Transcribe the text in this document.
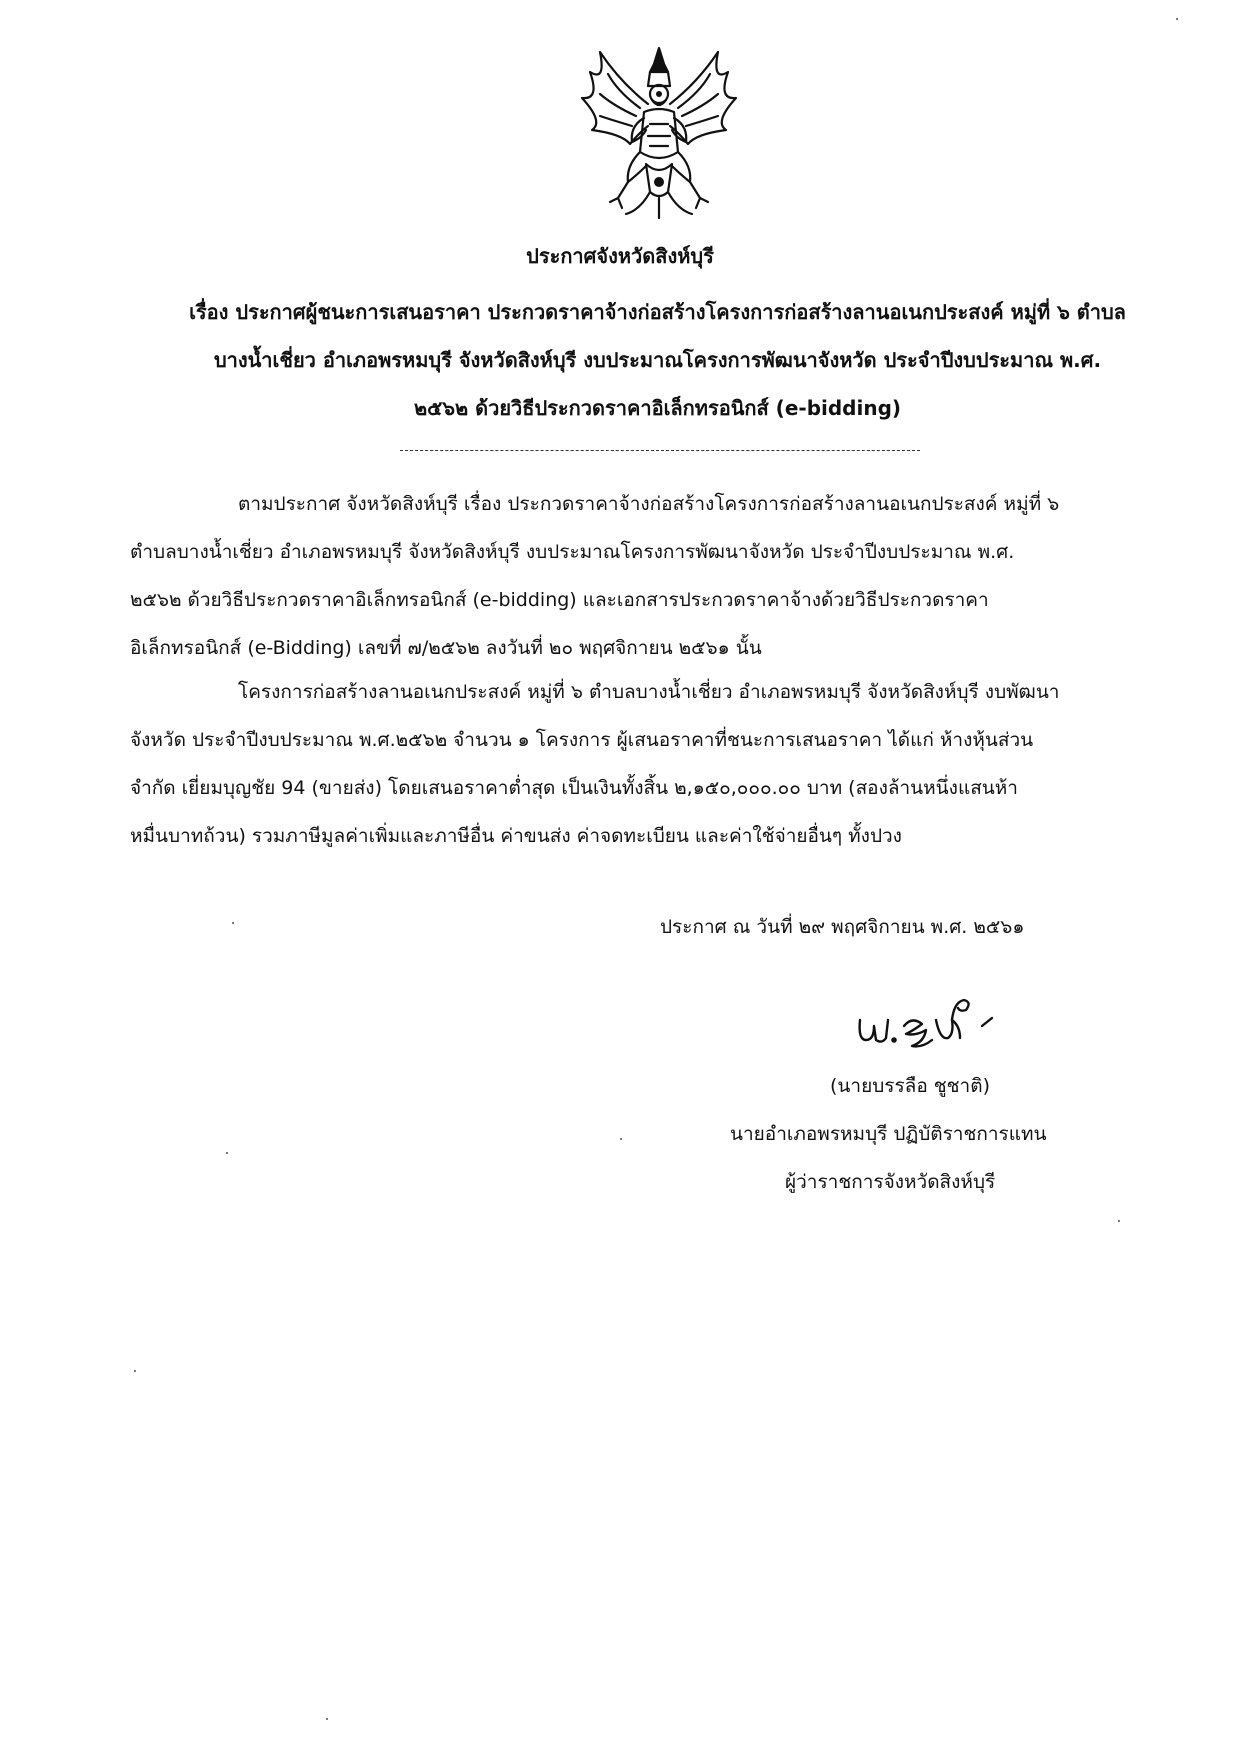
ประกาศจังหวัดสิงห์บุรี

เรื่อง ประกาศผู้ชนะการเสนอราคา ประกวดราคาจ้างก่อสร้างโครงการก่อสร้างลานอเนกประสงค์ หมู่ที่ ๖ ตำบล
บางน้ำเชี่ยว อำเภอพรหมบุรี จังหวัดสิงห์บุรี งบประมาณโครงการพัฒนาจังหวัด ประจำปีงบประมาณ พ.ศ.
๒๕๖๒ ด้วยวิธีประกวดราคาอิเล็กทรอนิกส์ (e-bidding)

ตามประกาศ จังหวัดสิงห์บุรี เรื่อง ประกวดราคาจ้างก่อสร้างโครงการก่อสร้างลานอเนกประสงค์ หมู่ที่ ๖
ตำบลบางน้ำเชี่ยว อำเภอพรหมบุรี จังหวัดสิงห์บุรี งบประมาณโครงการพัฒนาจังหวัด ประจำปีงบประมาณ พ.ศ.
๒๕๖๒ ด้วยวิธีประกวดราคาอิเล็กทรอนิกส์ (e-bidding) และเอกสารประกวดราคาจ้างด้วยวิธีประกวดราคา
อิเล็กทรอนิกส์ (e-Bidding) เลขที่ ๗/๒๕๖๒ ลงวันที่ ๒๐ พฤศจิกายน ๒๕๖๑ นั้น

โครงการก่อสร้างลานอเนกประสงค์ หมู่ที่ ๖ ตำบลบางน้ำเชี่ยว อำเภอพรหมบุรี จังหวัดสิงห์บุรี งบพัฒนา
จังหวัด ประจำปีงบประมาณ พ.ศ.๒๕๖๒ จำนวน ๑ โครงการ ผู้เสนอราคาที่ชนะการเสนอราคา ได้แก่ ห้างหุ้นส่วน
จำกัด เยี่ยมบุญชัย 94 (ขายส่ง) โดยเสนอราคาต่ำสุด เป็นเงินทั้งสิ้น ๒,๑๕๐,๐๐๐.๐๐ บาท (สองล้านหนึ่งแสนห้า
หมื่นบาทถ้วน) รวมภาษีมูลค่าเพิ่มและภาษีอื่น ค่าขนส่ง ค่าจดทะเบียน และค่าใช้จ่ายอื่นๆ ทั้งปวง

ประกาศ ณ วันที่ ๒๙ พฤศจิกายน พ.ศ. ๒๕๖๑

(นายบรรลือ ชูชาติ)
นายอำเภอพรหมบุรี ปฏิบัติราชการแทน
ผู้ว่าราชการจังหวัดสิงห์บุรี
